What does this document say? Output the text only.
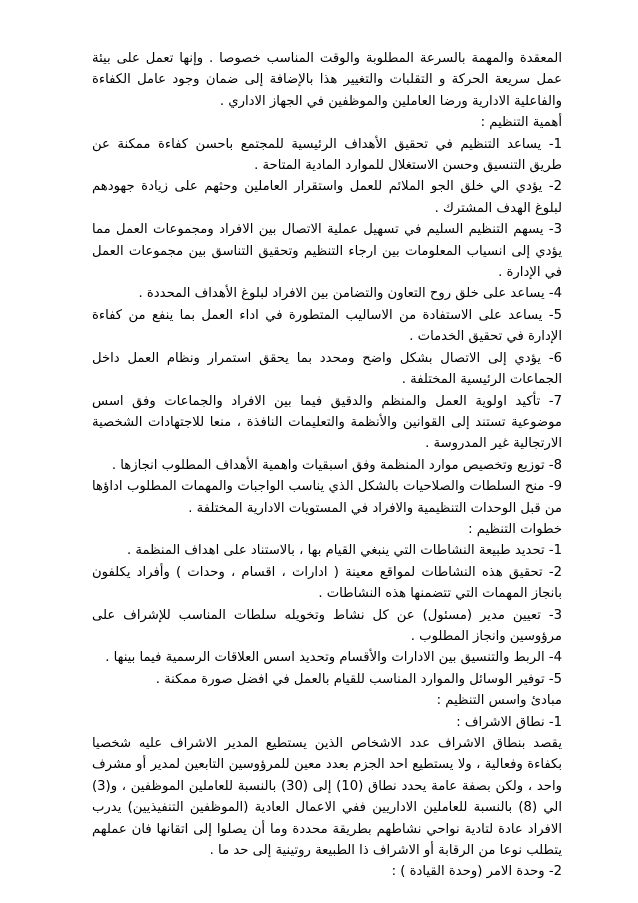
المعقدة والمهمة بالسرعة المطلوبة والوقت المناسب خصوصا . وإنها تعمل على بيئة عمل سريعة الحركة و التقلبات والتغيير هذا بالإضافة إلى ضمان وجود عامل الكفاءة والفاعلية الادارية ورضا العاملين والموظفين في الجهاز الاداري .

أهمية التنظيم :

1- يساعد التنظيم في تحقيق الأهداف الرئيسية للمجتمع باحسن كفاءة ممكنة عن طريق التنسيق وحسن الاستغلال للموارد المادية المتاحة .

2- يؤدي الي خلق الجو الملائم للعمل واستقرار العاملين وحثهم على زيادة جهودهم لبلوغ الهدف المشترك .

3- يسهم التنظيم السليم في تسهيل عملية الاتصال بين الافراد ومجموعات العمل مما يؤدي إلى انسياب المعلومات بين ارجاء التنظيم وتحقيق التناسق بين مجموعات العمل في الإدارة .

4- يساعد على خلق روح التعاون والتضامن بين الافراد لبلوغ الأهداف المحددة .

5- يساعد على الاستفادة من الاساليب المتطورة في اداء العمل بما ينفع من كفاءة الإدارة في تحقيق الخدمات .

6- يؤدي إلى الاتصال بشكل واضح ومحدد بما يحقق استمرار ونظام العمل داخل الجماعات الرئيسية المختلفة .

7- تأكيد اولوية العمل والمنظم والدقيق فيما بين الافراد والجماعات وفق اسس موضوعية تستند إلى القوانين والأنظمة والتعليمات النافذة ، منعا للاجتهادات الشخصية الارتجالية غير المدروسة .

8- توزيع وتخصيص موارد المنظمة وفق اسبقيات واهمية الأهداف المطلوب انجازها .

9- منح السلطات والصلاحيات بالشكل الذي يناسب الواجبات والمهمات المطلوب اداؤها من قبل الوحدات التنظيمية والافراد في المستويات الادارية المختلفة .

خطوات التنظيم :

1- تحديد طبيعة النشاطات التي ينبغي القيام بها ، بالاستناد على اهداف المنظمة .

2- تحقيق هذه النشاطات لمواقع معينة ( ادارات ، اقسام ، وحدات ) وأفراد يكلفون بانجاز المهمات التي تتضمنها هذه النشاطات .

3- تعيين مدير (مسئول) عن كل نشاط وتخويله سلطات المناسب للإشراف على مرؤوسين وانجاز المطلوب .

4- الربط والتنسيق بين الادارات والأقسام وتحديد اسس العلاقات الرسمية فيما بينها .

5- توفير الوسائل والموارد المناسب للقيام بالعمل في افضل صورة ممكنة .

مبادئ واسس التنظيم :

1- نطاق الاشراف :

يقصد بنطاق الاشراف عدد الاشخاص الذين يستطيع المدير الاشراف عليه شخصيا بكفاءة وفعالية ، ولا يستطيع احد الجزم بعدد معين للمرؤوسين التابعين لمدير أو مشرف واحد ، ولكن بصفة عامة يحدد نطاق (10) إلى (30) بالنسبة للعاملين الموظفين ، و(3) الي (8) بالنسبة للعاملين الاداريين ففي الاعمال العادية (الموظفين التنفيذيين) يدرب الافراد عادة لتادية نواحي نشاطهم بطريقة محددة وما أن يصلوا إلى اتقانها فان عملهم يتطلب نوعا من الرقابة أو الاشراف ذا الطبيعة روتينية إلى حد ما .

2- وحدة الامر (وحدة القيادة ) :
